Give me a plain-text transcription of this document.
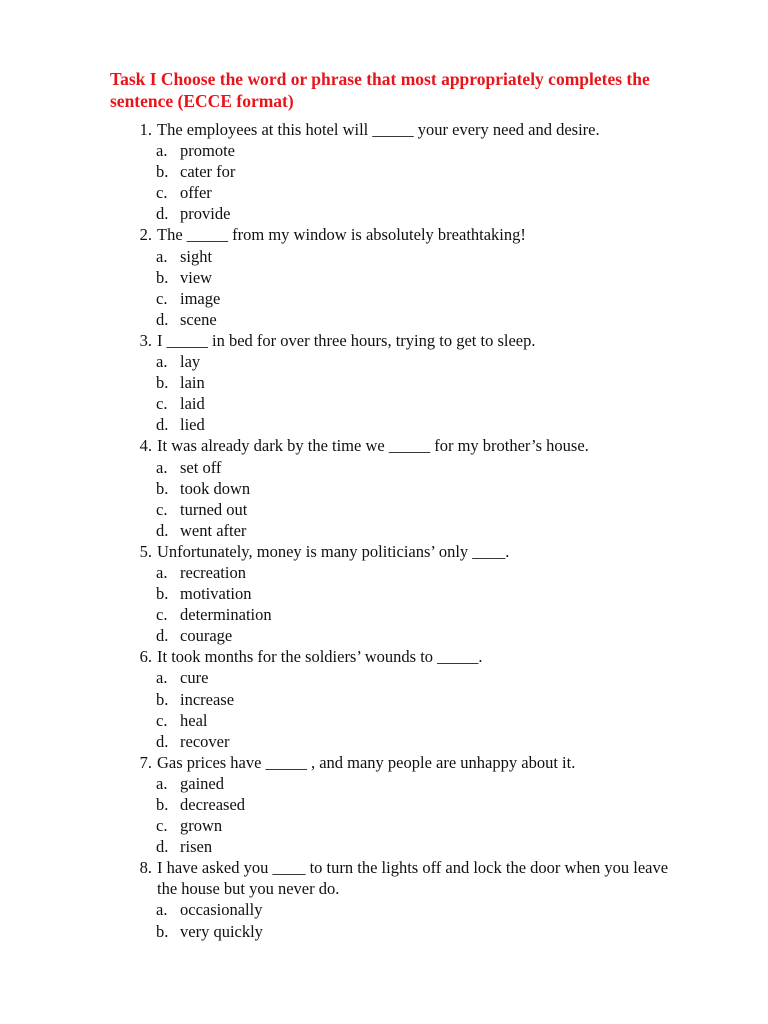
Task I Choose the word or phrase that most appropriately completes the sentence (ECCE format)
1. The employees at this hotel will _____ your every need and desire.
a. promote
b. cater for
c. offer
d. provide
2. The _____ from my window is absolutely breathtaking!
a. sight
b. view
c. image
d. scene
3. I _____ in bed for over three hours, trying to get to sleep.
a. lay
b. lain
c. laid
d. lied
4. It was already dark by the time we _____ for my brother’s house.
a. set off
b. took down
c. turned out
d. went after
5. Unfortunately, money is many politicians’ only ____.
a. recreation
b. motivation
c. determination
d. courage
6. It took months for the soldiers’ wounds to _____.
a. cure
b. increase
c. heal
d. recover
7. Gas prices have _____ , and many people are unhappy about it.
a. gained
b. decreased
c. grown
d. risen
8. I have asked you ____ to turn the lights off and lock the door when you leave the house but you never do.
a. occasionally
b. very quickly
